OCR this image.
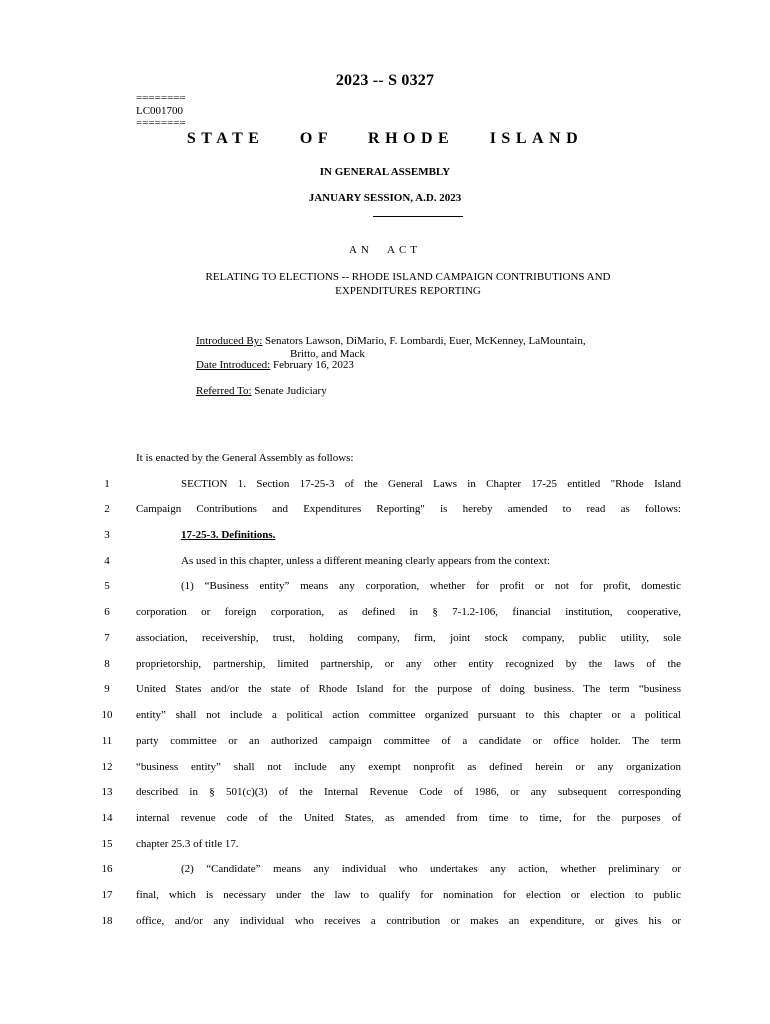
2023 -- S 0327
========
LC001700
========
STATE OF RHODE ISLAND
IN GENERAL ASSEMBLY
JANUARY SESSION, A.D. 2023
AN ACT
RELATING TO ELECTIONS -- RHODE ISLAND CAMPAIGN CONTRIBUTIONS AND
EXPENDITURES REPORTING
Introduced By: Senators Lawson, DiMario, F. Lombardi, Euer, McKenney, LaMountain,
Britto, and Mack
Date Introduced: February 16, 2023
Referred To: Senate Judiciary
It is enacted by the General Assembly as follows:
1	SECTION 1. Section 17-25-3 of the General Laws in Chapter 17-25 entitled "Rhode Island
2	Campaign Contributions and Expenditures Reporting" is hereby amended to read as follows:
3	17-25-3. Definitions.
4	As used in this chapter, unless a different meaning clearly appears from the context:
5	(1) “Business entity” means any corporation, whether for profit or not for profit, domestic
6	corporation or foreign corporation, as defined in § 7-1.2-106, financial institution, cooperative,
7	association, receivership, trust, holding company, firm, joint stock company, public utility, sole
8	proprietorship, partnership, limited partnership, or any other entity recognized by the laws of the
9	United States and/or the state of Rhode Island for the purpose of doing business. The term “business
10	entity” shall not include a political action committee organized pursuant to this chapter or a political
11	party committee or an authorized campaign committee of a candidate or office holder. The term
12	“business entity” shall not include any exempt nonprofit as defined herein or any organization
13	described in § 501(c)(3) of the Internal Revenue Code of 1986, or any subsequent corresponding
14	internal revenue code of the United States, as amended from time to time, for the purposes of
15	chapter 25.3 of title 17.
16	(2) “Candidate” means any individual who undertakes any action, whether preliminary or
17	final, which is necessary under the law to qualify for nomination for election or election to public
18	office, and/or any individual who receives a contribution or makes an expenditure, or gives his or
